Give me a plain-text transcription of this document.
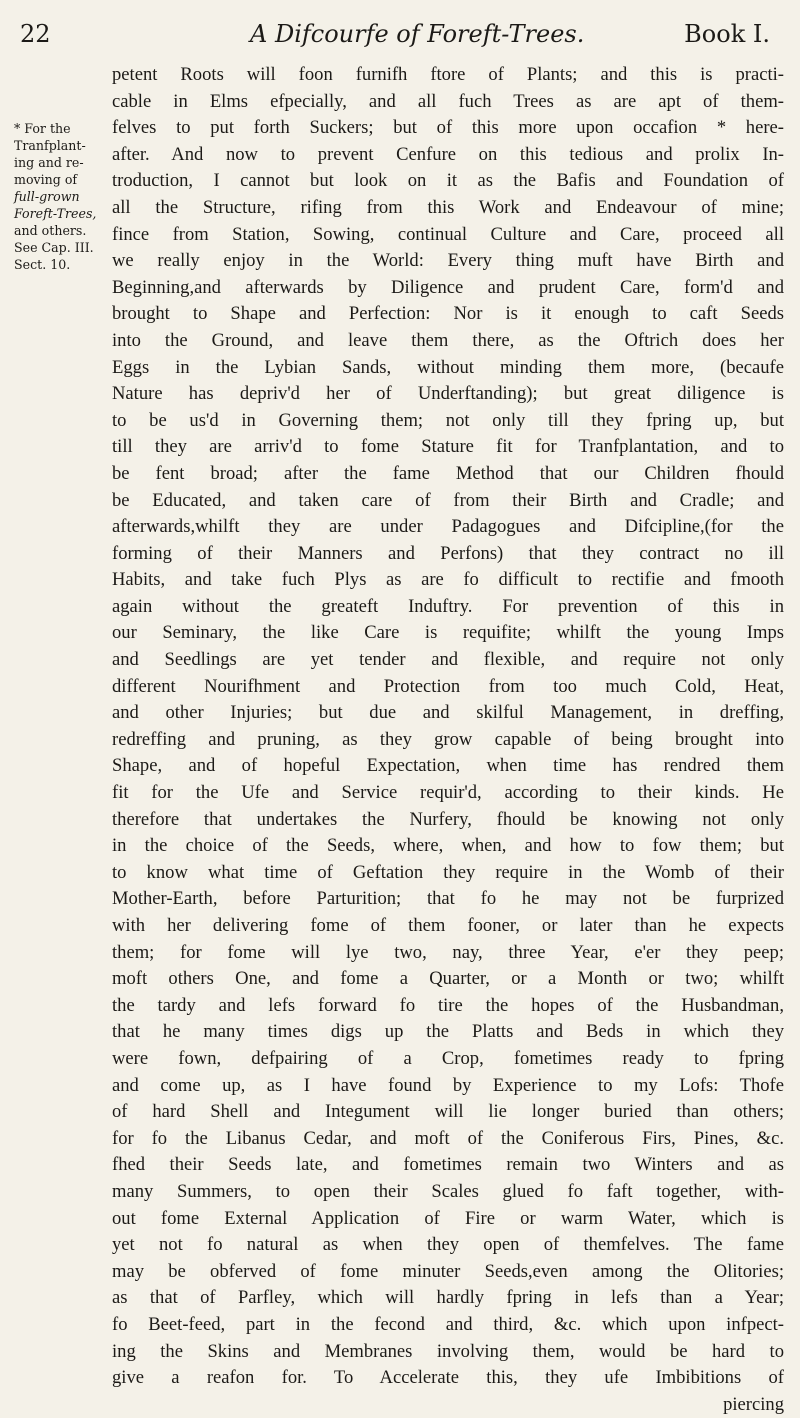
22	A Difcourfe of Foreft-Trees.	Book I.
* For the
Tranfplant-
ing and re-
moving of
full-grown
Foreft-Trees,
and others.
See Cap. III.
Sect. 10.
petent Roots will foon furnifh ftore of Plants; and this is practi-
cable in Elms efpecially, and all fuch Trees as are apt of them-
felves to put forth Suckers; but of this more upon occafion * here-
after. And now to prevent Cenfure on this tedious and prolix In-
troduction, I cannot but look on it as the Bafis and Foundation of
all the Structure, rifing from this Work and Endeavour of mine;
fince from Station, Sowing, continual Culture and Care, proceed all
we really enjoy in the World: Every thing muft have Birth and
Beginning,and afterwards by Diligence and prudent Care, form'd and
brought to Shape and Perfection: Nor is it enough to caft Seeds
into the Ground, and leave them there, as the Oftrich does her
Eggs in the Lybian Sands, without minding them more, (becaufe
Nature has depriv'd her of Underftanding); but great diligence is
to be us'd in Governing them; not only till they fpring up, but
till they are arriv'd to fome Stature fit for Tranfplantation, and to
be fent broad; after the fame Method that our Children fhould
be Educated, and taken care of from their Birth and Cradle; and
afterwards,whilft they are under Padagogues and Difcipline,(for the
forming of their Manners and Perfons) that they contract no ill
Habits, and take fuch Plys as are fo difficult to rectifie and fmooth
again without the greateft Induftry. For prevention of this in
our Seminary, the like Care is requifite; whilft the young Imps
and Seedlings are yet tender and flexible, and require not only
different Nourifhment and Protection from too much Cold, Heat,
and other Injuries; but due and skilful Management, in dreffing,
redreffing and pruning, as they grow capable of being brought into
Shape, and of hopeful Expectation, when time has rendred them
fit for the Ufe and Service requir'd, according to their kinds. He
therefore that undertakes the Nurfery, fhould be knowing not only
in the choice of the Seeds, where, when, and how to fow them; but
to know what time of Geftation they require in the Womb of their
Mother-Earth, before Parturition; that fo he may not be furprized
with her delivering fome of them fooner, or later than he expects
them; for fome will lye two, nay, three Year, e'er they peep;
moft others One, and fome a Quarter, or a Month or two; whilft
the tardy and lefs forward fo tire the hopes of the Husbandman,
that he many times digs up the Platts and Beds in which they
were fown, defpairing of a Crop, fometimes ready to fpring
and come up, as I have found by Experience to my Lofs: Thofe
of hard Shell and Integument will lie longer buried than others;
for fo the Libanus Cedar, and moft of the Coniferous Firs, Pines, &c.
fhed their Seeds late, and fometimes remain two Winters and as
many Summers, to open their Scales glued fo faft together, with-
out fome External Application of Fire or warm Water, which is
yet not fo natural as when they open of themfelves. The fame
may be obferved of fome minuter Seeds,even among the Olitories;
as that of Parfley, which will hardly fpring in lefs than a Year;
fo Beet-feed, part in the fecond and third, &c. which upon infpect-
ing the Skins and Membranes involving them, would be hard to
give a reafon for. To Accelerate this, they ufe Imbibitions of
piercing
